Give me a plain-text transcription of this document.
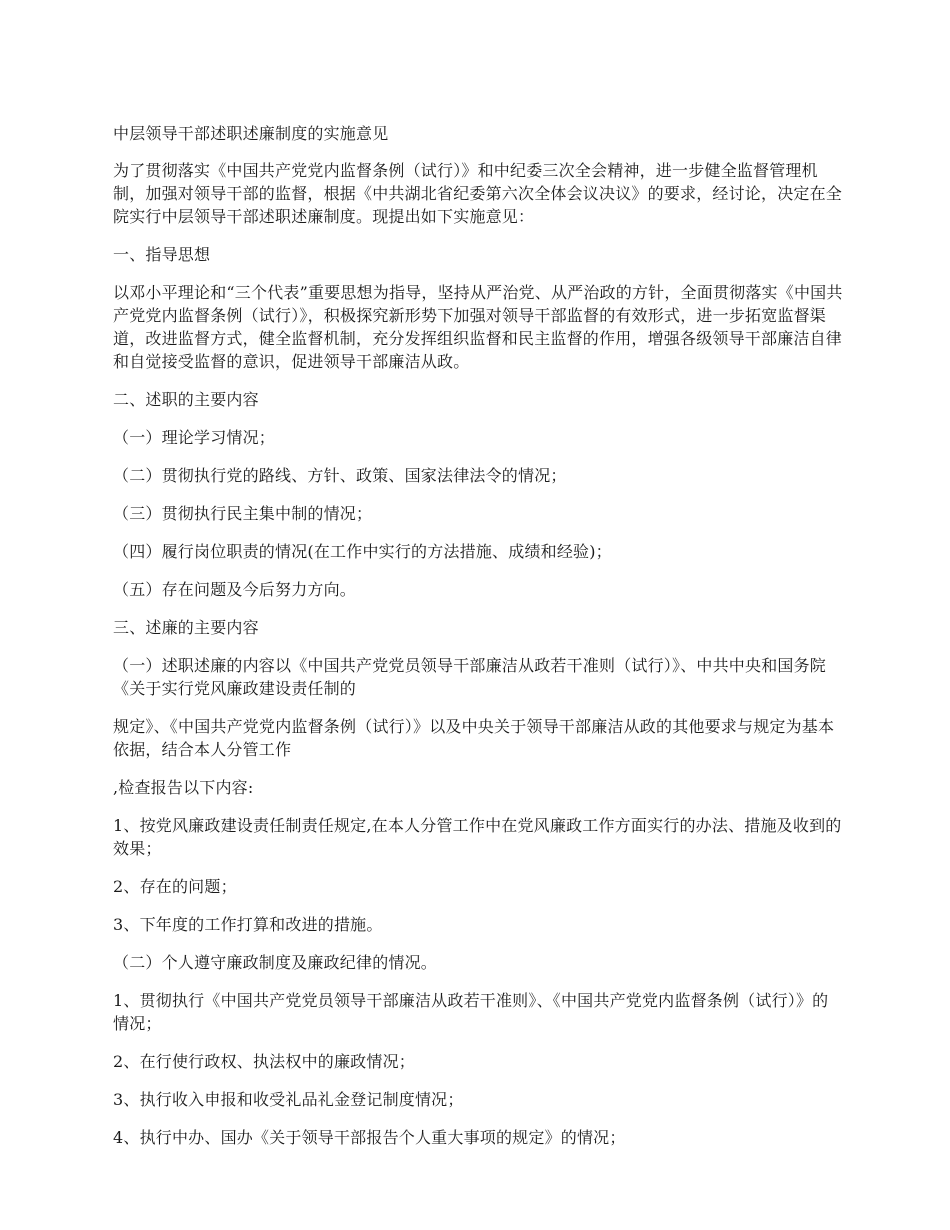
中层领导干部述职述廉制度的实施意见

为了贯彻落实《中国共产党党内监督条例（试行）》和中纪委三次全会精神，进一步健全监督管理机制，加强对领导干部的监督，根据《中共湖北省纪委第六次全体会议决议》的要求，经讨论，决定在全院实行中层领导干部述职述廉制度。现提出如下实施意见：

一、指导思想

以邓小平理论和“三个代表”重要思想为指导，坚持从严治党、从严治政的方针，全面贯彻落实《中国共产党党内监督条例（试行）》，积极探究新形势下加强对领导干部监督的有效形式，进一步拓宽监督渠道，改进监督方式，健全监督机制，充分发挥组织监督和民主监督的作用，增强各级领导干部廉洁自律和自觉接受监督的意识，促进领导干部廉洁从政。

二、述职的主要内容

（一）理论学习情况；

（二）贯彻执行党的路线、方针、政策、国家法律法令的情况；

（三）贯彻执行民主集中制的情况；

（四）履行岗位职责的情况(在工作中实行的方法措施、成绩和经验)；

（五）存在问题及今后努力方向。

三、述廉的主要内容

（一）述职述廉的内容以《中国共产党党员领导干部廉洁从政若干准则（试行）》、中共中央和国务院《关于实行党风廉政建设责任制的

规定》、《中国共产党党内监督条例（试行）》以及中央关于领导干部廉洁从政的其他要求与规定为基本依据，结合本人分管工作

,检查报告以下内容:

1、按党风廉政建设责任制责任规定,在本人分管工作中在党风廉政工作方面实行的办法、措施及收到的效果；

2、存在的问题；

3、下年度的工作打算和改进的措施。

（二）个人遵守廉政制度及廉政纪律的情况。

1、贯彻执行《中国共产党党员领导干部廉洁从政若干准则》、《中国共产党党内监督条例（试行）》的情况；

2、在行使行政权、执法权中的廉政情况；

3、执行收入申报和收受礼品礼金登记制度情况；

4、执行中办、国办《关于领导干部报告个人重大事项的规定》的情况；
